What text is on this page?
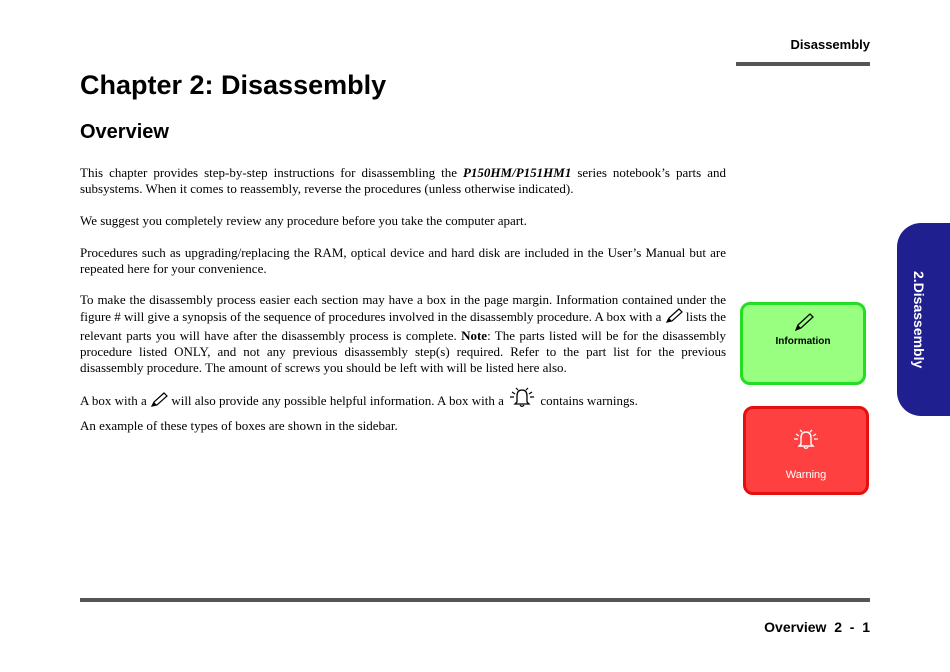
Disassembly
Chapter 2: Disassembly
Overview

This chapter provides step-by-step instructions for disassembling the P150HM/P151HM1 series notebook’s parts and subsystems. When it comes to reassembly, reverse the procedures (unless otherwise indicated).

We suggest you completely review any procedure before you take the computer apart.

Procedures such as upgrading/replacing the RAM, optical device and hard disk are included in the User’s Manual but are repeated here for your convenience.

To make the disassembly process easier each section may have a box in the page margin. Information contained under the figure # will give a synopsis of the sequence of procedures involved in the disassembly procedure. A box with a  lists the relevant parts you will have after the disassembly process is complete. Note: The parts listed will be for the disassembly procedure listed ONLY, and not any previous disassembly step(s) required. Refer to the part list for the previous disassembly procedure. The amount of screws you should be left with will be listed here also.

A box with a  will also provide any possible helpful information. A box with a  contains warnings.

An example of these types of boxes are shown in the sidebar.

2.Disassembly
Information
Warning
Overview  2  -  1
